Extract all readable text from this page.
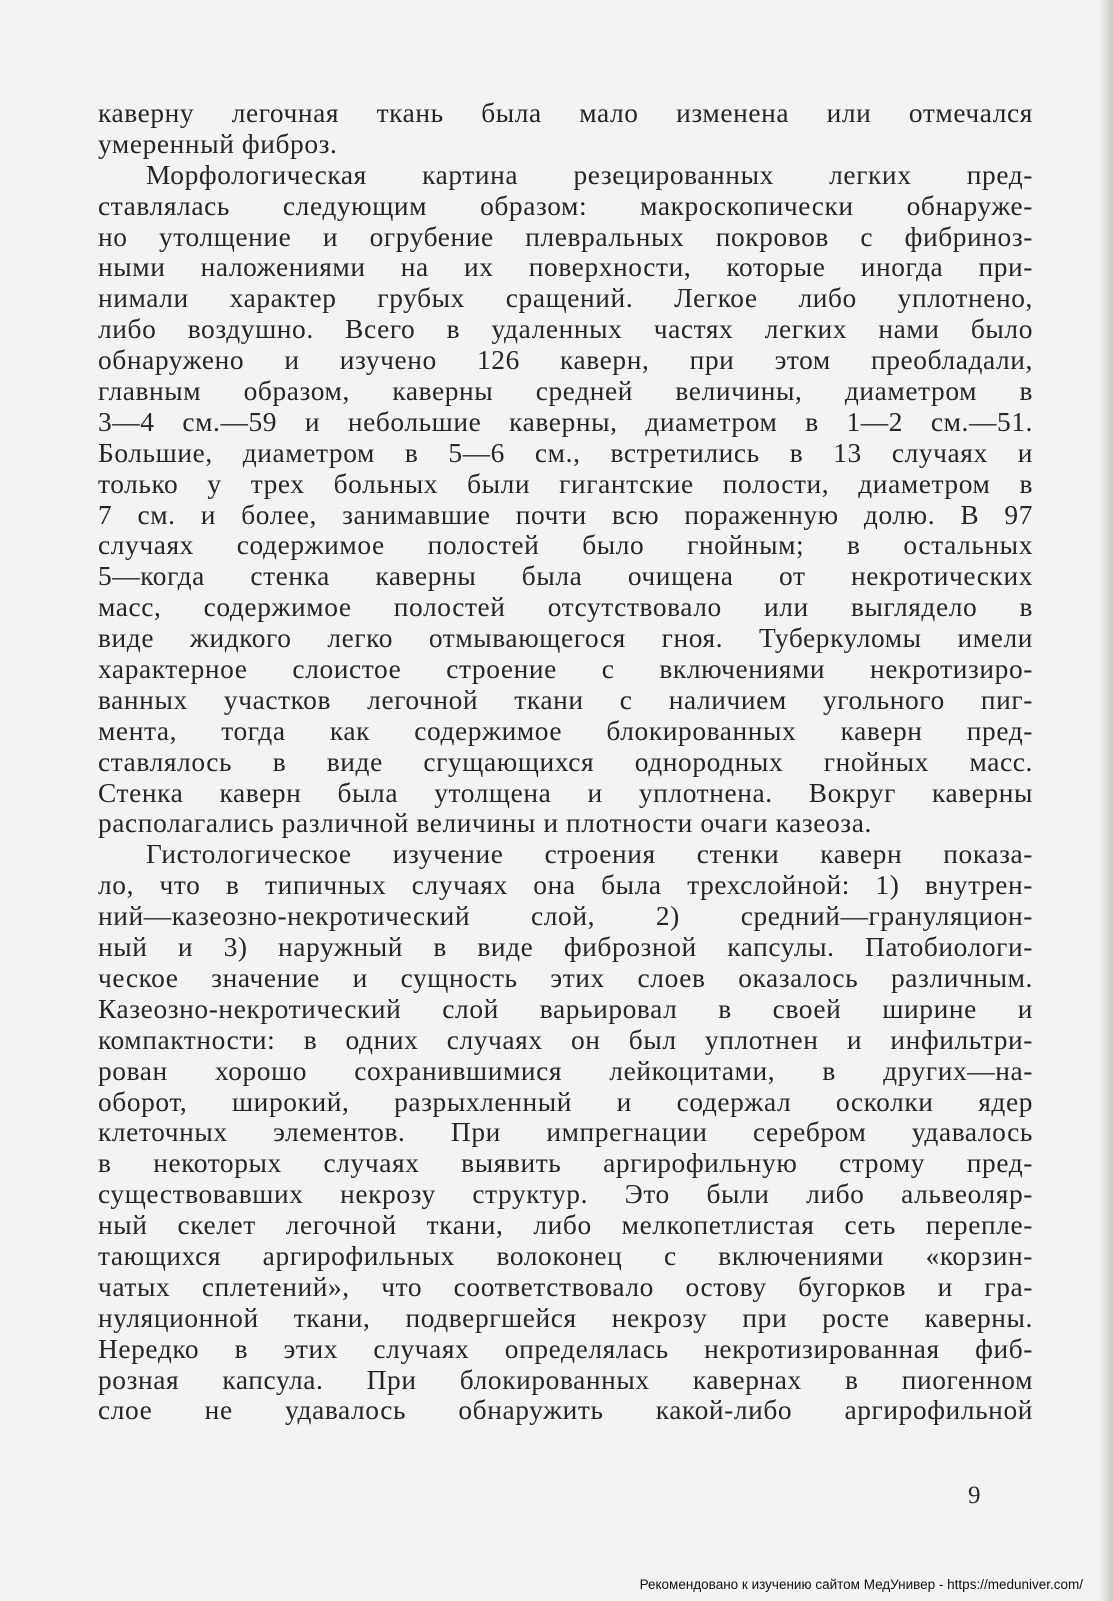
каверну легочная ткань была мало изменена или отмечался
умеренный фиброз.
Морфологическая картина резецированных легких пред-
ставлялась следующим образом: макроскопически обнаруже-
но утолщение и огрубение плевральных покровов с фибриноз-
ными наложениями на их поверхности, которые иногда при-
нимали характер грубых сращений. Легкое либо уплотнено,
либо воздушно. Всего в удаленных частях легких нами было
обнаружено и изучено 126 каверн, при этом преобладали,
главным образом, каверны средней величины, диаметром в
3—4 см.—59 и небольшие каверны, диаметром в 1—2 см.—51.
Большие, диаметром в 5—6 см., встретились в 13 случаях и
только у трех больных были гигантские полости, диаметром в
7 см. и более, занимавшие почти всю пораженную долю. В 97
случаях содержимое полостей было гнойным; в остальных
5—когда стенка каверны была очищена от некротических
масс, содержимое полостей отсутствовало или выглядело в
виде жидкого легко отмывающегося гноя. Туберкуломы имели
характерное слоистое строение с включениями некротизиро-
ванных участков легочной ткани с наличием угольного пиг-
мента, тогда как содержимое блокированных каверн пред-
ставлялось в виде сгущающихся однородных гнойных масс.
Стенка каверн была утолщена и уплотнена. Вокруг каверны
располагались различной величины и плотности очаги казеоза.
Гистологическое изучение строения стенки каверн показа-
ло, что в типичных случаях она была трехслойной: 1) внутрен-
ний—казеозно-некротический слой, 2) средний—грануляцион-
ный и 3) наружный в виде фиброзной капсулы. Патобиологи-
ческое значение и сущность этих слоев оказалось различным.
Казеозно-некротический слой варьировал в своей ширине и
компактности: в одних случаях он был уплотнен и инфильтри-
рован хорошо сохранившимися лейкоцитами, в других—на-
оборот, широкий, разрыхленный и содержал осколки ядер
клеточных элементов. При импрегнации серебром удавалось
в некоторых случаях выявить аргирофильную строму пред-
существовавших некрозу структур. Это были либо альвеоляр-
ный скелет легочной ткани, либо мелкопетлистая сеть перепле-
тающихся аргирофильных волоконец с включениями «корзин-
чатых сплетений», что соответствовало остову бугорков и гра-
нуляционной ткани, подвергшейся некрозу при росте каверны.
Нередко в этих случаях определялась некротизированная фиб-
розная капсула. При блокированных кавернах в пиогенном
слое не удавалось обнаружить какой-либо аргирофильной
9
Рекомендовано к изучению сайтом МедУнивер - https://meduniver.com/
